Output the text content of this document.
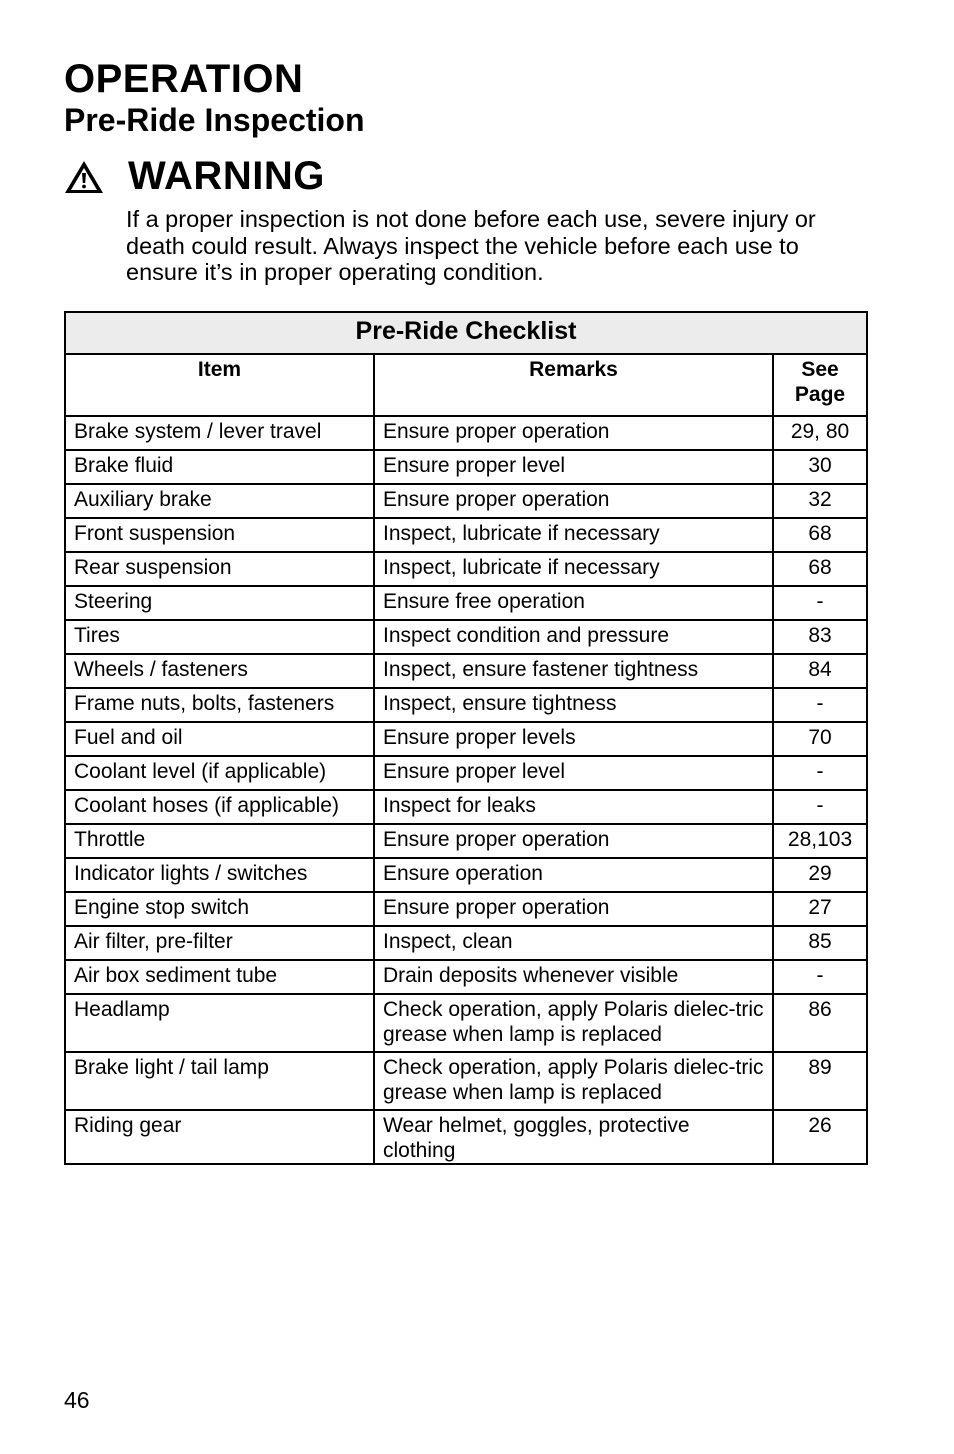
OPERATION
Pre-Ride Inspection
WARNING

If a proper inspection is not done before each use, severe injury or death could result. Always inspect the vehicle before each use to ensure it’s in proper operating condition.

Pre-Ride Checklist		
Item	Remarks	See Page
Brake system / lever travel	Ensure proper operation	29, 80
Brake fluid	Ensure proper level	30
Auxiliary brake	Ensure proper operation	32
Front suspension	Inspect, lubricate if necessary	68
Rear suspension	Inspect, lubricate if necessary	68
Steering	Ensure free operation	-
Tires	Inspect condition and pressure	83
Wheels / fasteners	Inspect, ensure fastener tightness	84
Frame nuts, bolts, fasteners	Inspect, ensure tightness	-
Fuel and oil	Ensure proper levels	70
Coolant level (if applicable)	Ensure proper level	-
Coolant hoses (if applicable)	Inspect for leaks	-
Throttle	Ensure proper operation	28,103
Indicator lights / switches	Ensure operation	29
Engine stop switch	Ensure proper operation	27
Air filter, pre-filter	Inspect, clean	85
Air box sediment tube	Drain deposits whenever visible	-
Headlamp	Check operation, apply Polaris dielec-tric grease when lamp is replaced	86
Brake light / tail lamp	Check operation, apply Polaris dielec-tric grease when lamp is replaced	89
Riding gear	Wear helmet, goggles, protective clothing	26

46
